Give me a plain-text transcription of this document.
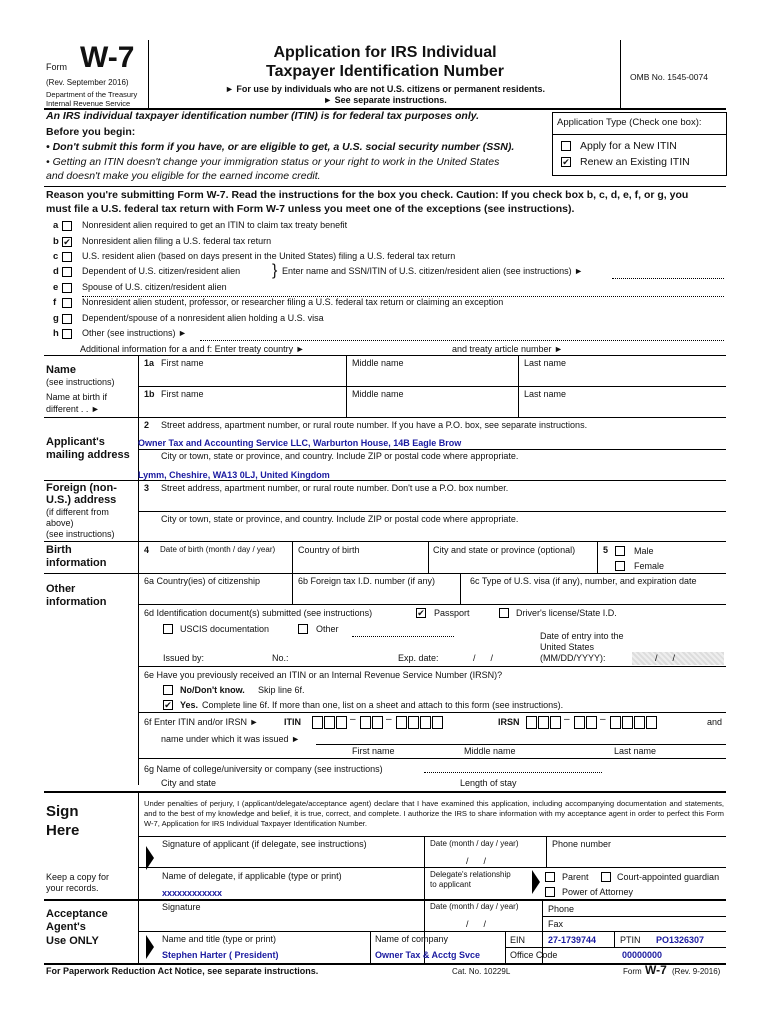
Form W-7
(Rev. September 2016)
Department of the Treasury
Internal Revenue Service
Application for IRS Individual
Taxpayer Identification Number
► For use by individuals who are not U.S. citizens or permanent residents.
► See separate instructions.
OMB No. 1545-0074
An IRS individual taxpayer identification number (ITIN) is for federal tax purposes only.
Before you begin:
• Don't submit this form if you have, or are eligible to get, a U.S. social security number (SSN).
• Getting an ITIN doesn't change your immigration status or your right to work in the United States
and doesn't make you eligible for the earned income credit.
Application Type (Check one box):
Apply for a New ITIN
✔ Renew an Existing ITIN
Reason you're submitting Form W-7. Read the instructions for the box you check. Caution: If you check box b, c, d, e, f, or g, you
must file a U.S. federal tax return with Form W-7 unless you meet one of the exceptions (see instructions).
a	Nonresident alien required to get an ITIN to claim tax treaty benefit
b ✔ Nonresident alien filing a U.S. federal tax return
c	U.S. resident alien (based on days present in the United States) filing a U.S. federal tax return
d	Dependent of U.S. citizen/resident alien
e	Spouse of U.S. citizen/resident alien
f	Nonresident alien student, professor, or researcher filing a U.S. federal tax return or claiming an exception
g	Dependent/spouse of a nonresident alien holding a U.S. visa
h	Other (see instructions) ►
Enter name and SSN/ITIN of U.S. citizen/resident alien (see instructions) ►
}
Additional information for a and f: Enter treaty country ►	and treaty article number ►
Name
(see instructions)
Name at birth if
different . . ►
1a First name	Middle name	Last name
1b First name	Middle name	Last name
Applicant's
mailing address
2 Street address, apartment number, or rural route number. If you have a P.O. box, see separate instructions.
Owner Tax and Accounting Service LLC, Warburton House, 14B Eagle Brow
City or town, state or province, and country. Include ZIP or postal code where appropriate.
Lymm, Cheshire, WA13 0LJ, United Kingdom
Foreign (non-
U.S.) address
(if different from
above)
(see instructions)
3 Street address, apartment number, or rural route number. Don't use a P.O. box number.
City or town, state or province, and country. Include ZIP or postal code where appropriate.
Birth
information
4 Date of birth (month / day / year)	Country of birth	City and state or province (optional)	5	Male
Female
Other
information
6a Country(ies) of citizenship	6b Foreign tax I.D. number (if any)	6c Type of U.S. visa (if any), number, and expiration date
6d Identification document(s) submitted (see instructions)	✔ Passport	Driver's license/State I.D.
USCIS documentation	Other
Date of entry into the
United States
(MM/DD/YYYY):	/      /
Issued by:	No.:	Exp. date:	/      /
6e Have you previously received an ITIN or an Internal Revenue Service Number (IRSN)?
No/Don't know. Skip line 6f.
✔ Yes. Complete line 6f. If more than one, list on a sheet and attach to this form (see instructions).
6f Enter ITIN and/or IRSN ►	ITIN	–	–	IRSN	–	–	and
name under which it was issued ►
First name	Middle name	Last name
6g Name of college/university or company (see instructions)
City and state	Length of stay
Sign
Here
Under penalties of perjury, I (applicant/delegate/acceptance agent) declare that I have examined this application, including accompanying documentation and statements, and to the best of my knowledge and belief, it is true, correct, and complete. I authorize the IRS to share information with my acceptance agent in order to perfect this Form W-7, Application for IRS Individual Taxpayer Identification Number.
Signature of applicant (if delegate, see instructions)	Date (month / day / year)
/      /
Phone number
Keep a copy for
your records.
Name of delegate, if applicable (type or print)
xxxxxxxxxxxx
Delegate's relationship
to applicant
Parent	Court-appointed guardian
Power of Attorney
Acceptance
Agent's
Use ONLY
Signature	Date (month / day / year)
/      /
Phone
Fax
Name and title (type or print)
Stephen Harter ( President)
Name of company
Owner Tax & Acctg Svce
EIN	27-1739744	PTIN PO1326307
Office Code	00000000
For Paperwork Reduction Act Notice, see separate instructions.	Cat. No. 10229L	Form W-7 (Rev. 9-2016)
